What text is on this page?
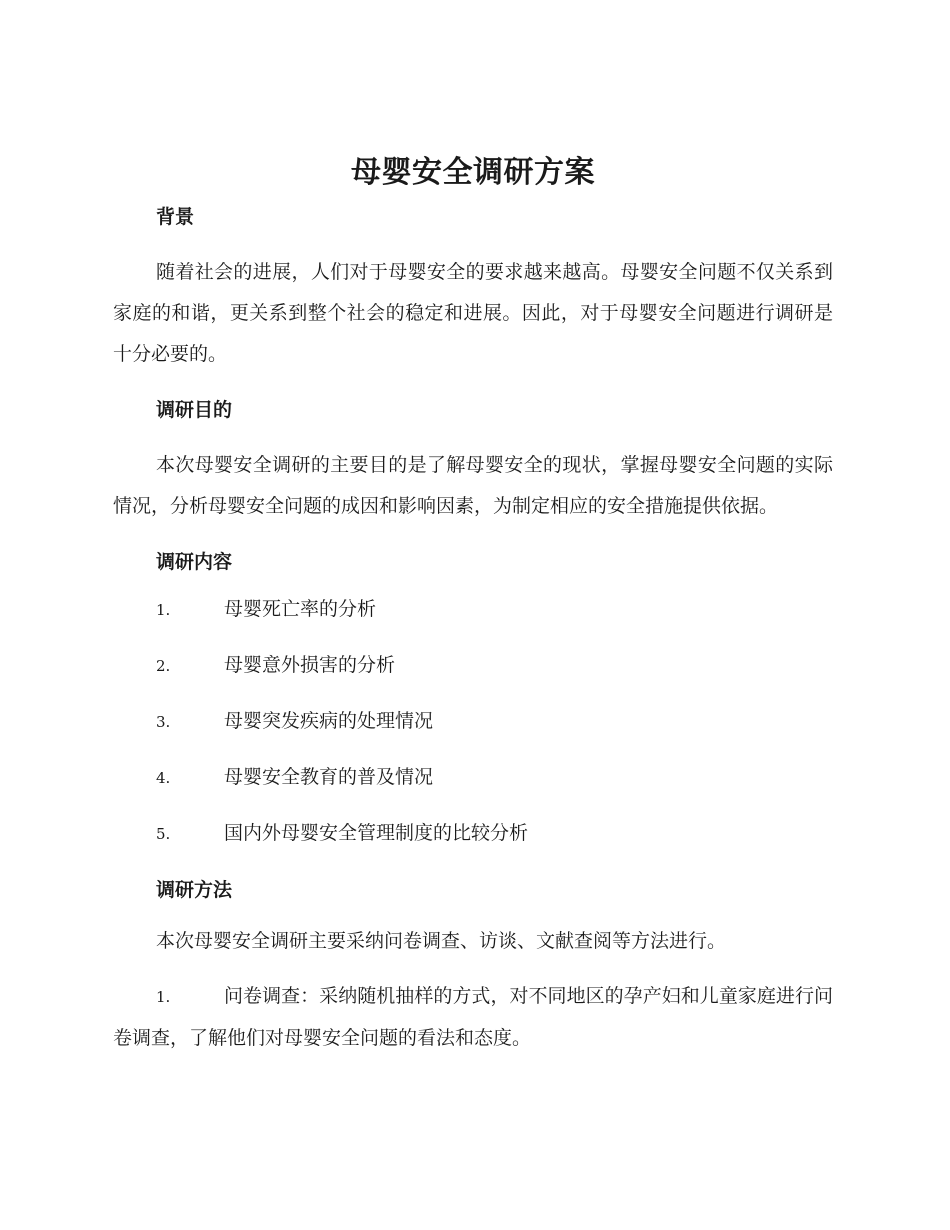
母婴安全调研方案
背景

随着社会的进展，人们对于母婴安全的要求越来越高。母婴安全问题不仅关系到家庭的和谐，更关系到整个社会的稳定和进展。因此，对于母婴安全问题进行调研是十分必要的。

调研目的

本次母婴安全调研的主要目的是了解母婴安全的现状，掌握母婴安全问题的实际情况，分析母婴安全问题的成因和影响因素，为制定相应的安全措施提供依据。

调研内容
1.	母婴死亡率的分析
2.	母婴意外损害的分析
3.	母婴突发疾病的处理情况
4.	母婴安全教育的普及情况
5.	国内外母婴安全管理制度的比较分析
调研方法

本次母婴安全调研主要采纳问卷调查、访谈、文献查阅等方法进行。

1.	问卷调查：采纳随机抽样的方式，对不同地区的孕产妇和儿童家庭进行问卷调查，了解他们对母婴安全问题的看法和态度。
